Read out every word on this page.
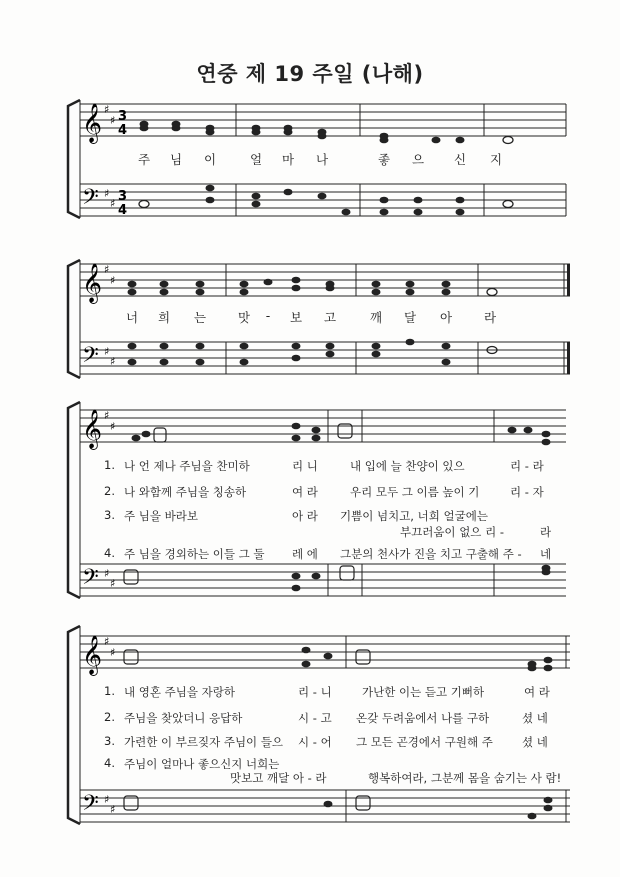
연중 제 19 주일 (나해)
𝄞
𝄢
♯
♯
♯
♯
3
4
3
4
𝄞
𝄢
♯
♯
♯
♯
𝄞
𝄢
♯
♯
♯
♯
𝄞
𝄢
♯
♯
♯
♯
주 님 이	얼 마 나	좋 으 신 지
너 희 는	맛 - 보 고	깨 달 아	라
1. 나 언 제나 주님을 찬미하	리 니	내 입에 늘 찬양이 있으	리 - 라
2. 나 와함께 주님을 칭송하	여 라	우리 모두 그 이름 높이 기	리 - 자
3. 주 님을 바라보	아 라 기쁨이 넘치고, 너희 얼굴에는
부끄러움이 없으 리 -	라
4. 주 님을 경외하는 이들 그 둘 레 에 그분의 천사가 진을 치고 구출해 주 - 네
1. 내 영혼 주님을 자랑하	리 - 니	가난한 이는 듣고 기뻐하	여 라
2. 주님을 찾았더니 응답하	시 - 고 온갖 두려움에서 나를 구하	셨 네
3. 가련한 이 부르짖자 주님이 들으 시 - 어 그 모든 곤경에서 구원해 주	셨 네
4. 주님이 얼마나 좋으신지 너희는
맛보고 깨달 아 - 라	행복하여라, 그분께 몸을 숨기는 사 람!
